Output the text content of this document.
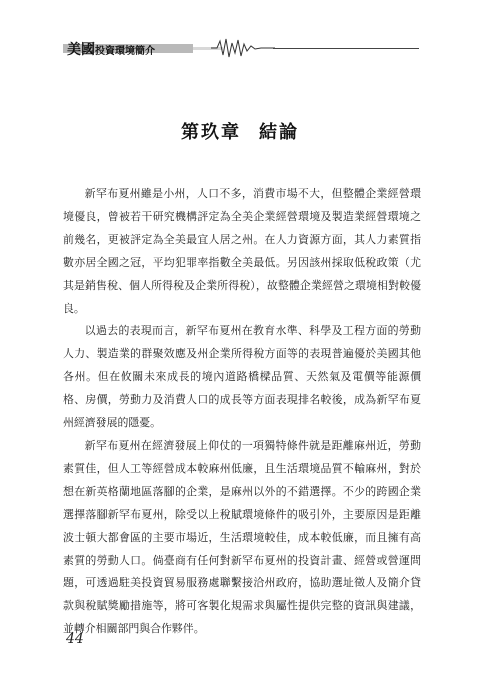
美國投資環境簡介
第玖章 結論

新罕布夏州雖是小州，人口不多，消費市場不大，但整體企業經營環境優良，曾被若干研究機構評定為全美企業經營環境及製造業經營環境之前幾名，更被評定為全美最宜人居之州。在人力資源方面，其人力素質指數亦居全國之冠，平均犯罪率指數全美最低。另因該州採取低稅政策（尤其是銷售稅、個人所得稅及企業所得稅），故整體企業經營之環境相對較優良。

以過去的表現而言，新罕布夏州在教育水準、科學及工程方面的勞動人力、製造業的群聚效應及州企業所得稅方面等的表現普遍優於美國其他各州。但在攸關未來成長的境內道路橋樑品質、天然氣及電價等能源價格、房價，勞動力及消費人口的成長等方面表現排名較後，成為新罕布夏州經濟發展的隱憂。

新罕布夏州在經濟發展上仰仗的一項獨特條件就是距離麻州近，勞動素質佳，但人工等經營成本較麻州低廉，且生活環境品質不輸麻州，對於想在新英格蘭地區落腳的企業，是麻州以外的不錯選擇。不少的跨國企業選擇落腳新罕布夏州，除受以上稅賦環境條件的吸引外，主要原因是距離波士頓大都會區的主要市場近，生活環境較佳，成本較低廉，而且擁有高素質的勞動人口。倘臺商有任何對新罕布夏州的投資計畫、經營或營運問題，可透過駐美投資貿易服務處聯繫接洽州政府，協助選址徵人及簡介貸款與稅賦獎勵措施等，將可客製化規需求與屬性提供完整的資訊與建議，並轉介相關部門與合作夥伴。

44
